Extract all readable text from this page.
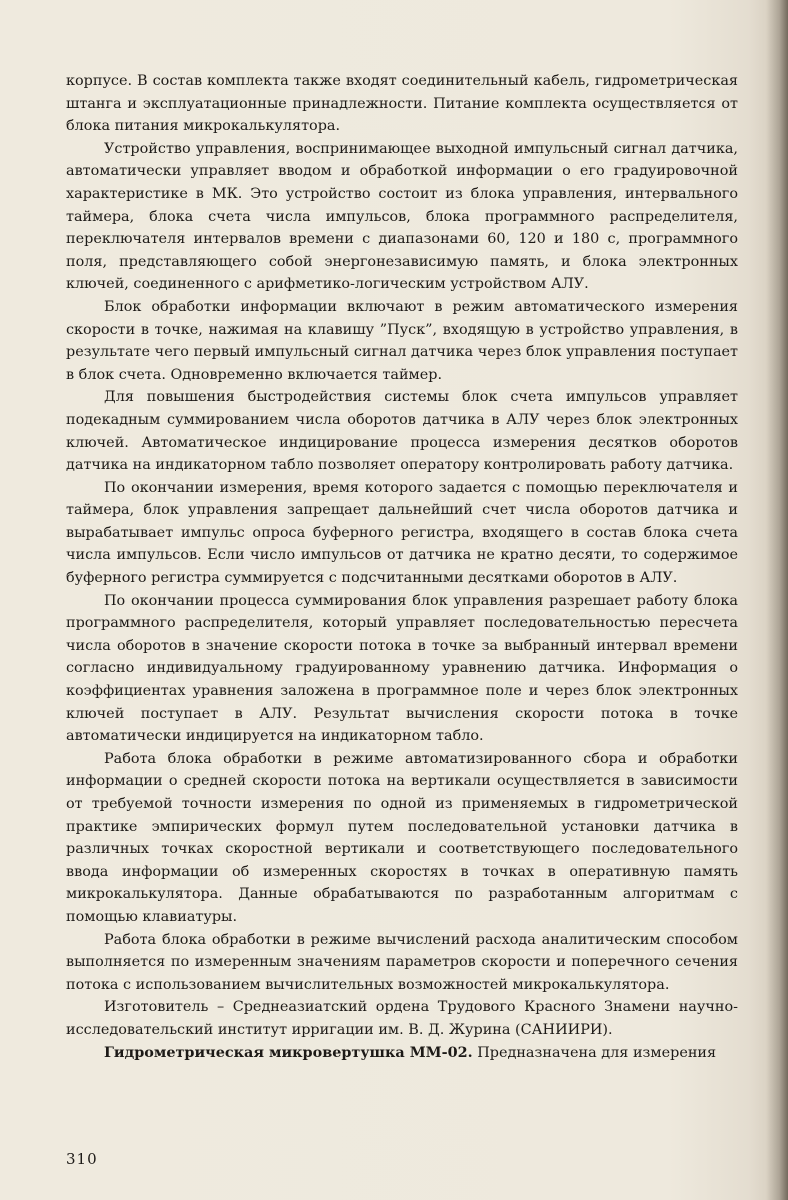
корпусе. В состав комплекта также входят соединительный кабель, гидрометрическая штанга и эксплуатационные принадлежности. Питание комплекта осуществляется от блока питания микрокалькулятора.

Устройство управления, воспринимающее выходной импульсный сигнал датчика, автоматически управляет вводом и обработкой информации о его градуировочной характеристике в МК. Это устройство состоит из блока управления, интервального таймера, блока счета числа импульсов, блока программного распределителя, переключателя интервалов времени с диапазонами 60, 120 и 180 с, программного поля, представляющего собой энергонезависимую память, и блока электронных ключей, соединенного с арифметико-логическим устройством АЛУ.

Блок обработки информации включают в режим автоматического измерения скорости в точке, нажимая на клавишу ”Пуск”, входящую в устройство управления, в результате чего первый импульсный сигнал датчика через блок управления поступает в блок счета. Одновременно включается таймер.

Для повышения быстродействия системы блок счета импульсов управляет подекадным суммированием числа оборотов датчика в АЛУ через блок электронных ключей. Автоматическое индицирование процесса измерения десятков оборотов датчика на индикаторном табло позволяет оператору контролировать работу датчика.

По окончании измерения, время которого задается с помощью переключателя и таймера, блок управления запрещает дальнейший счет числа оборотов датчика и вырабатывает импульс опроса буферного регистра, входящего в состав блока счета числа импульсов. Если число импульсов от датчика не кратно десяти, то содержимое буферного регистра суммируется с подсчитанными десятками оборотов в АЛУ.

По окончании процесса суммирования блок управления разрешает работу блока программного распределителя, который управляет последовательностью пересчета числа оборотов в значение скорости потока в точке за выбранный интервал времени согласно индивидуальному градуированному уравнению датчика. Информация о коэффициентах уравнения заложена в программное поле и через блок электронных ключей поступает в АЛУ. Результат вычисления скорости потока в точке автоматически индицируется на индикаторном табло.

Работа блока обработки в режиме автоматизированного сбора и обработки информации о средней скорости потока на вертикали осуществляется в зависимости от требуемой точности измерения по одной из применяемых в гидрометрической практике эмпирических формул путем последовательной установки датчика в различных точках скоростной вертикали и соответствующего последовательного ввода информации об измеренных скоростях в точках в оперативную память микрокалькулятора. Данные обрабатываются по разработанным алгоритмам с помощью клавиатуры.

Работа блока обработки в режиме вычислений расхода аналитическим способом выполняется по измеренным значениям параметров скорости и поперечного сечения потока с использованием вычислительных возможностей микрокалькулятора.

Изготовитель – Среднеазиатский ордена Трудового Красного Знамени научно-исследовательский институт ирригации им. В. Д. Журина (САНИИРИ).

Гидрометрическая микровертушка ММ-02. Предназначена для измерения

310
